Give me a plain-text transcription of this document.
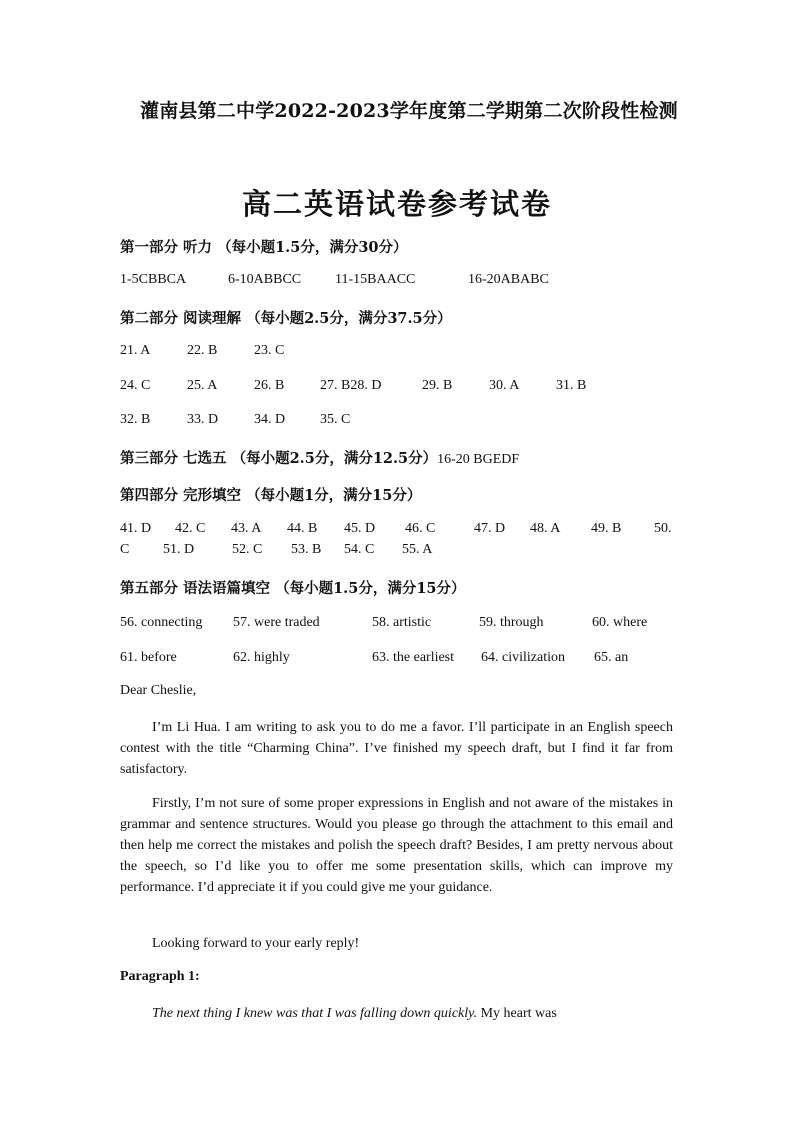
灌南县第二中学2022-2023学年度第二学期第二次阶段性检测
高二英语试卷参考试卷
第一部分 听力 （每小题1.5分，满分30分）
1-5CBBCA	6-10ABBCC 11-15BAACC	16-20ABABC
第二部分 阅读理解 （每小题2.5分，满分37.5分）
21. A	22. B	23. C
24. C	25. A	26. B	27. B28. D	29. B	30. A	31. B
32. B	33. D	34. D 35. C
第三部分 七选五 （每小题2.5分，满分12.5分）16-20 BGEDF
第四部分 完形填空 （每小题1分，满分15分）
41. D 42. C 43. A 44. B 45. D 46. C	47. D 48. A 49. B 50.
C 51. D	52. C 53. B 54. C 55. A
第五部分 语法语篇填空 （每小题1.5分，满分15分）
56. connecting 57. were traded	58. artistic	59. through	60. where
61. before	62. highly	63. the earliest 64. civilization 65. an
Dear Cheslie,
I’m Li Hua. I am writing to ask you to do me a favor. I’ll participate in an English speech contest with the title “Charming China”. I’ve finished my speech draft, but I find it far from satisfactory.
Firstly, I’m not sure of some proper expressions in English and not aware of the mistakes in grammar and sentence structures. Would you please go through the attachment to this email and then help me correct the mistakes and polish the speech draft? Besides, I am pretty nervous about the speech, so I’d like you to offer me some presentation skills, which can improve my performance. I’d appreciate it if you could give me your guidance.
Looking forward to your early reply!
Paragraph 1:
The next thing I knew was that I was falling down quickly. My heart was
